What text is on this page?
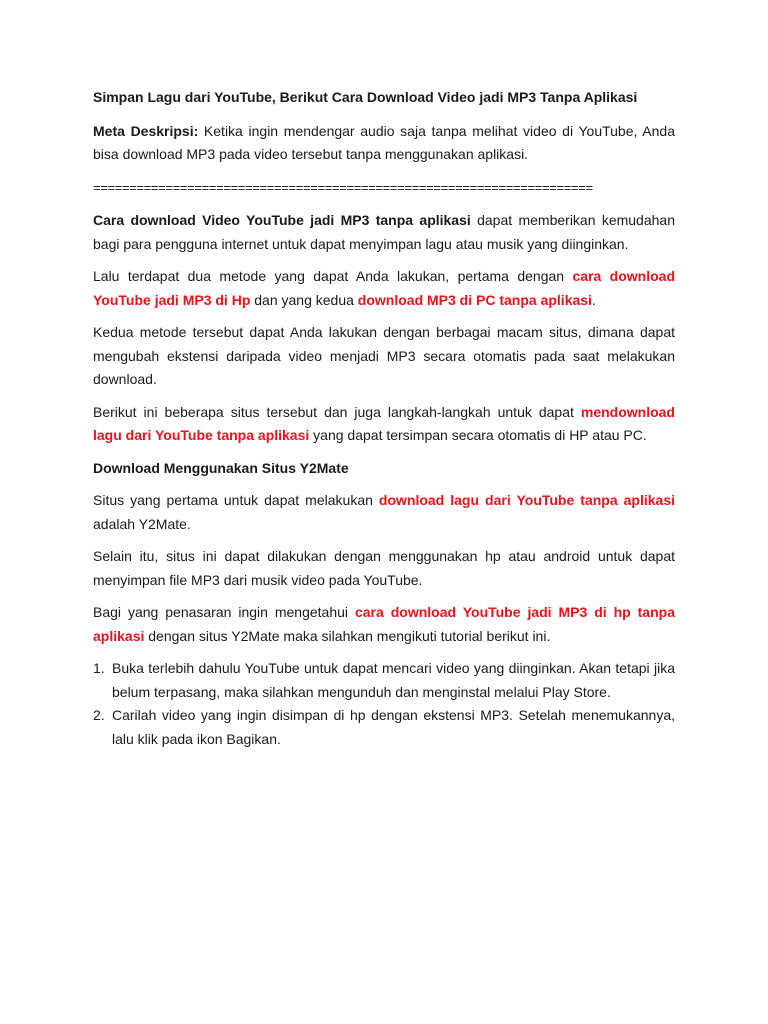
Simpan Lagu dari YouTube, Berikut Cara Download Video jadi MP3 Tanpa Aplikasi

Meta Deskripsi: Ketika ingin mendengar audio saja tanpa melihat video di YouTube, Anda bisa download MP3 pada video tersebut tanpa menggunakan aplikasi.

=====================================================================

Cara download Video YouTube jadi MP3 tanpa aplikasi dapat memberikan kemudahan bagi para pengguna internet untuk dapat menyimpan lagu atau musik yang diinginkan.

Lalu terdapat dua metode yang dapat Anda lakukan, pertama dengan cara download YouTube jadi MP3 di Hp dan yang kedua download MP3 di PC tanpa aplikasi.

Kedua metode tersebut dapat Anda lakukan dengan berbagai macam situs, dimana dapat mengubah ekstensi daripada video menjadi MP3 secara otomatis pada saat melakukan download.

Berikut ini beberapa situs tersebut dan juga langkah-langkah untuk dapat mendownload lagu dari YouTube tanpa aplikasi yang dapat tersimpan secara otomatis di HP atau PC.

Download Menggunakan Situs Y2Mate

Situs yang pertama untuk dapat melakukan download lagu dari YouTube tanpa aplikasi adalah Y2Mate.

Selain itu, situs ini dapat dilakukan dengan menggunakan hp atau android untuk dapat menyimpan file MP3 dari musik video pada YouTube.

Bagi yang penasaran ingin mengetahui cara download YouTube jadi MP3 di hp tanpa aplikasi dengan situs Y2Mate maka silahkan mengikuti tutorial berikut ini.

1. Buka terlebih dahulu YouTube untuk dapat mencari video yang diinginkan. Akan tetapi jika belum terpasang, maka silahkan mengunduh dan menginstal melalui Play Store.
2. Carilah video yang ingin disimpan di hp dengan ekstensi MP3. Setelah menemukannya, lalu klik pada ikon Bagikan.
